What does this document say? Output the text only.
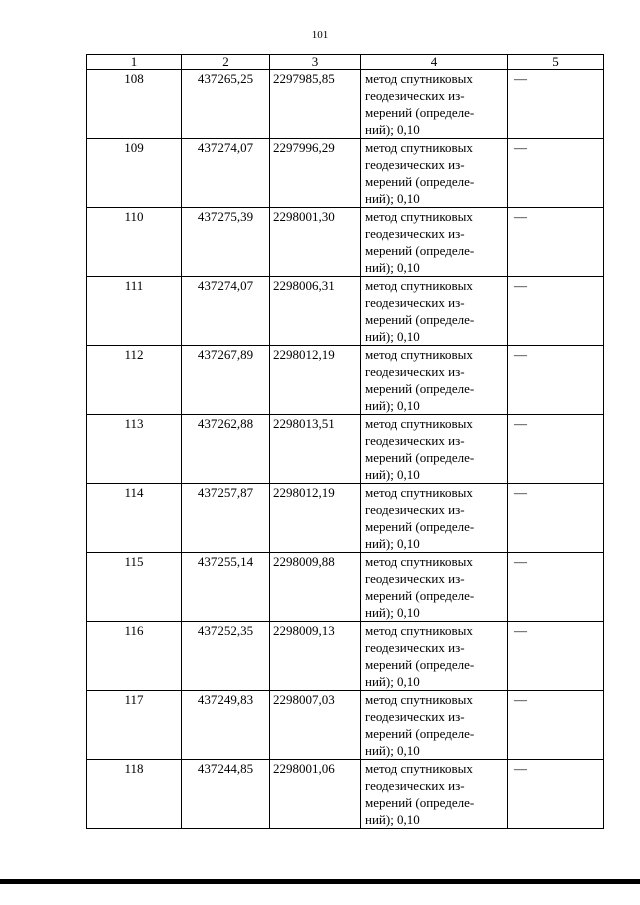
101
1	2	3	4	5
108	437265,25	2297985,85	метод спутниковых
геодезических из-
мерений (определе-
ний); 0,10	—
109	437274,07	2297996,29	метод спутниковых
геодезических из-
мерений (определе-
ний); 0,10	—
110	437275,39	2298001,30	метод спутниковых
геодезических из-
мерений (определе-
ний); 0,10	—
111	437274,07	2298006,31	метод спутниковых
геодезических из-
мерений (определе-
ний); 0,10	—
112	437267,89	2298012,19	метод спутниковых
геодезических из-
мерений (определе-
ний); 0,10	—
113	437262,88	2298013,51	метод спутниковых
геодезических из-
мерений (определе-
ний); 0,10	—
114	437257,87	2298012,19	метод спутниковых
геодезических из-
мерений (определе-
ний); 0,10	—
115	437255,14	2298009,88	метод спутниковых
геодезических из-
мерений (определе-
ний); 0,10	—
116	437252,35	2298009,13	метод спутниковых
геодезических из-
мерений (определе-
ний); 0,10	—
117	437249,83	2298007,03	метод спутниковых
геодезических из-
мерений (определе-
ний); 0,10	—
118	437244,85	2298001,06	метод спутниковых
геодезических из-
мерений (определе-
ний); 0,10	—
